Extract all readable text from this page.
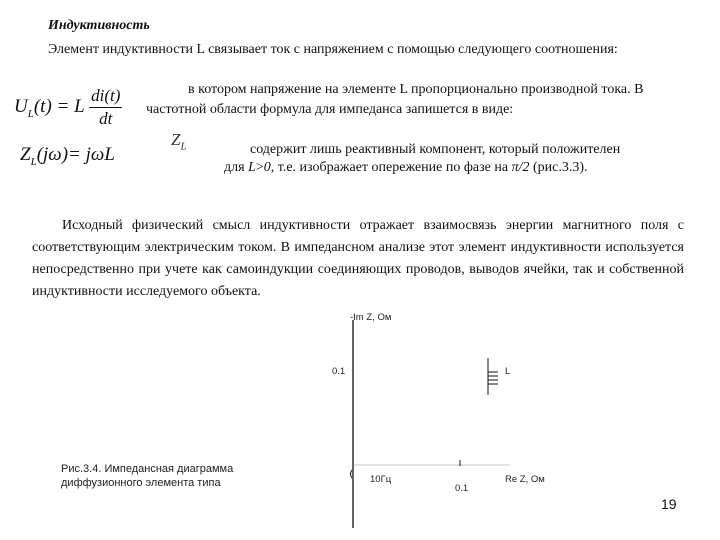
Индуктивность
Элемент индуктивности L связывает ток с напряжением с помощью следующего соотношения:
$U_L(t) = L \frac{di(t)}{dt}$	в котором напряжение на элементе L пропорционально производной тока. В
частотной области формула для импеданса запишется в виде:
$Z_L(j\omega)= j\omega L$
$Z_L$	содержит лишь реактивный компонент, который положителен
для L>0, т.е. изображает опережение по фазе на π/2 (рис.3.3).

Исходный физический смысл индуктивности отражает взаимосвязь энергии магнитного поля с соответствующим электрическим током. В импедансном анализе этот элемент индуктивности используется непосредственно при учете как самоиндукции соединяющих проводов, выводов ячейки, так и собственной индуктивности исследуемого объекта.

-Im Z, Ом
0.1	L
10Гц
0.1
Re Z, Ом
Рис.3.4. Импедансная диаграмма
диффузионного элемента типа
19
